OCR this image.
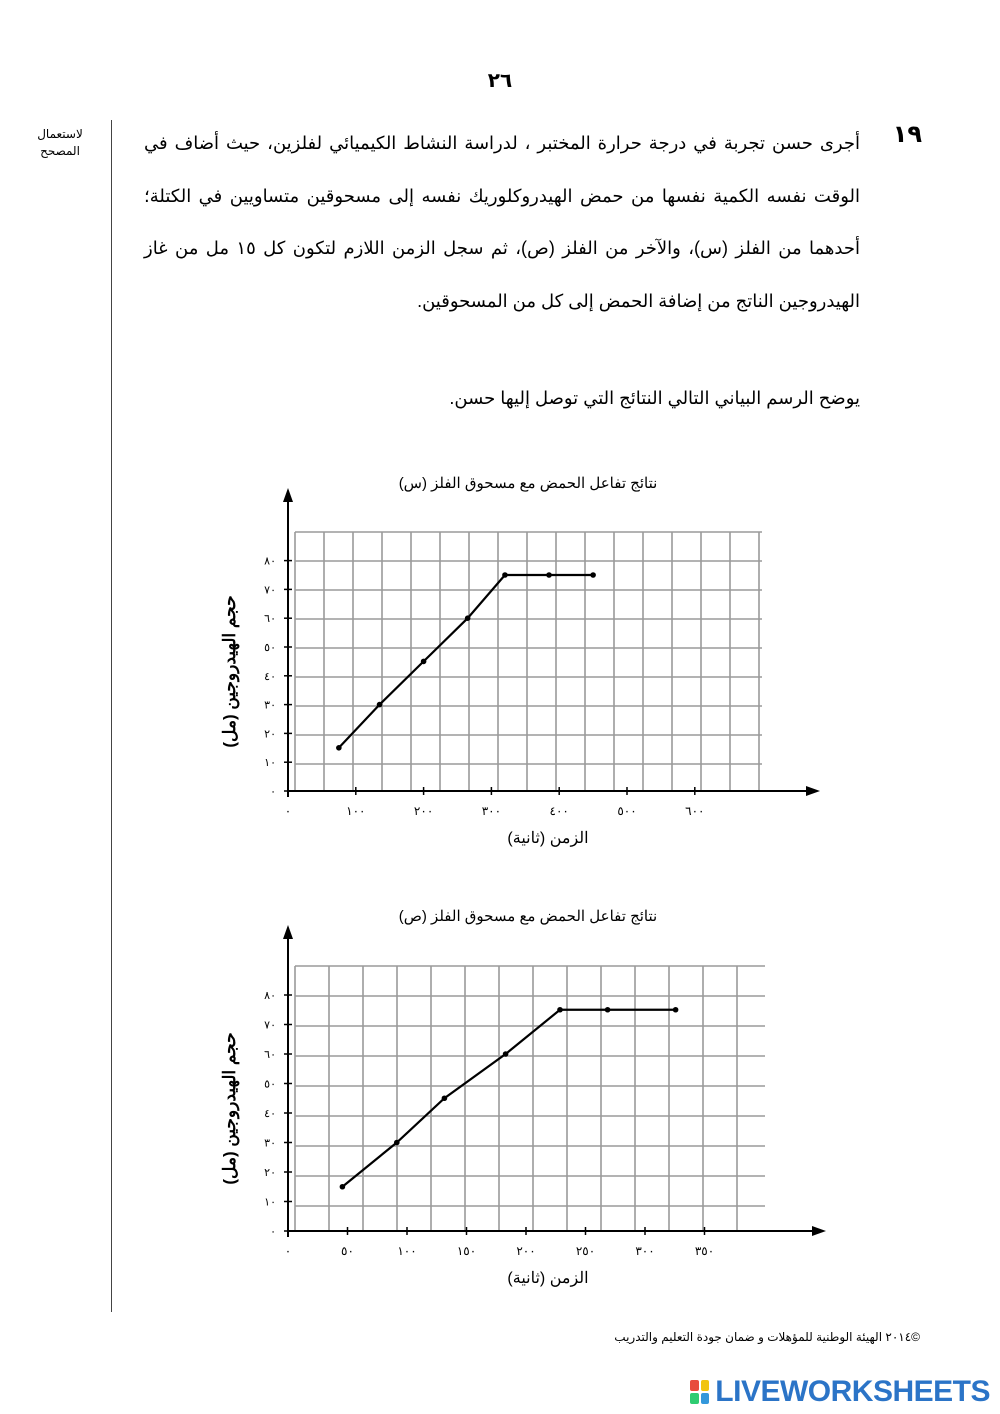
٢٦
لاستعمال المصحح
١٩

أجرى حسن تجربة في درجة حرارة المختبر ، لدراسة النشاط الكيميائي لفلزين، حيث أضاف في الوقت نفسه الكمية نفسها من حمض الهيدروكلوريك نفسه إلى مسحوقين متساويين في الكتلة؛ أحدهما من الفلز (س)، والآخر من الفلز (ص)، ثم سجل الزمن اللازم لتكون كل ١٥ مل من غاز الهيدروجين الناتج من إضافة الحمض إلى كل من المسحوقين.

يوضح الرسم البياني التالي النتائج التي توصل إليها حسن.
٠
١٠
٢٠
٣٠
٤٠
٥٠
٦٠
٧٠
٨٠
٠	١٠٠	٢٠٠	٣٠٠	٤٠٠	٥٠٠	٦٠٠
نتائج تفاعل الحمض مع مسحوق الفلز (س)
الزمن (ثانية)
حجم الهيدروجين (مل)
٠
١٠
٢٠
٣٠
٤٠
٥٠
٦٠
٧٠
٨٠
٠	٥٠	١٠٠	١٥٠	٢٠٠	٢٥٠	٣٠٠	٣٥٠
نتائج تفاعل الحمض مع مسحوق الفلز (ص)
الزمن (ثانية)
حجم الهيدروجين (مل)
©٢٠١٤ الهيئة الوطنية للمؤهلات و ضمان جودة التعليم والتدريب
LIVEWORKSHEETS
